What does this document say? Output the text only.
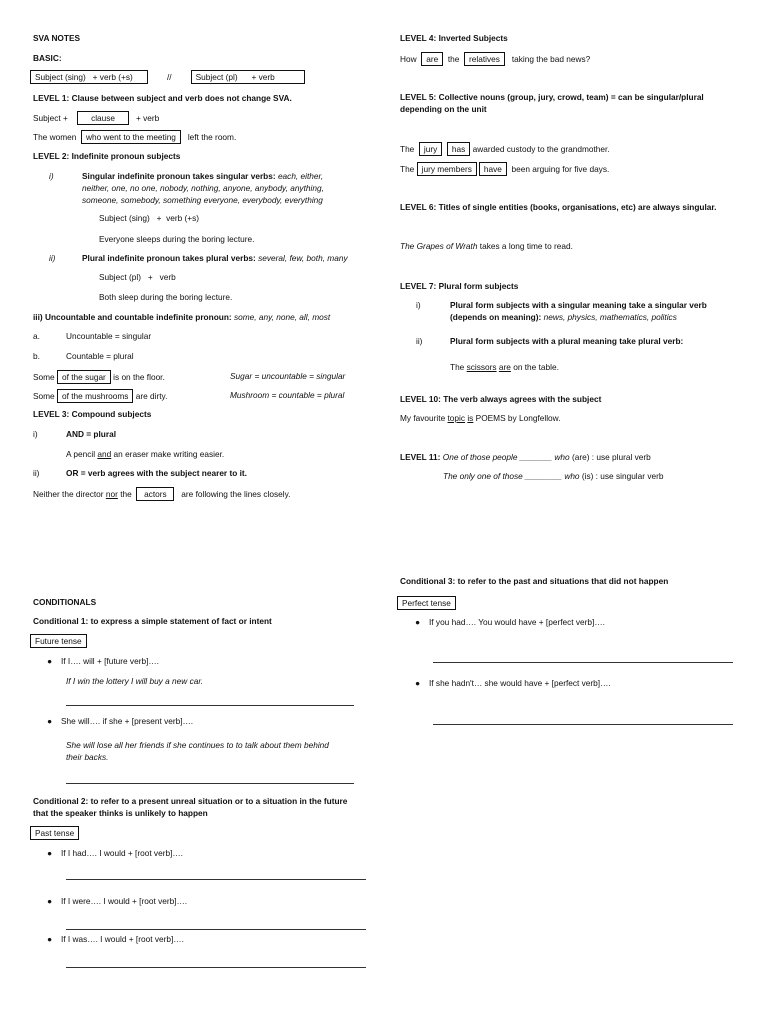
SVA NOTES
BASIC:
Subject (sing) + verb (+s)	//	Subject (pl) + verb
LEVEL 1: Clause between subject and verb does not change SVA.
Subject +	clause	+ verb
The women who went to the meeting left the room.
LEVEL 2: Indefinite pronoun subjects
i)	Singular indefinite pronoun takes singular verbs: each, either,
neither, one, no one, nobody, nothing, anyone, anybody, anything,
someone, somebody, something everyone, everybody, everything
Subject (sing)   +  verb (+s)
Everyone sleeps during the boring lecture.
ii)	Plural indefinite pronoun takes plural verbs: several, few, both, many
Subject (pl)   +   verb
Both sleep during the boring lecture.
iii) Uncountable and countable indefinite pronoun: some, any, none, all, most
a.	Uncountable = singular
b.	Countable = plural
Some of the sugar is on the floor.	Sugar = uncountable = singular
Some of the mushrooms are dirty.	Mushroom = countable = plural
LEVEL 3: Compound subjects
i)	AND = plural
A pencil and an eraser make writing easier.
ii)	OR = verb agrees with the subject nearer to it.
Neither the director nor the actors are following the lines closely.
CONDITIONALS
Conditional 1: to express a simple statement of fact or intent
Future tense
● If I…. will + [future verb]….
If I win the lottery I will buy a new car.
● She will…. if she + [present verb]….
She will lose all her friends if she continues to to talk about them behind
their backs.
Conditional 2: to refer to a present unreal situation or to a situation in the future
that the speaker thinks is unlikely to happen
Past tense
● If I had…. I would + [root verb]….
● If I were…. I would + [root verb]….
● If I was…. I would + [root verb]….
LEVEL 4: Inverted Subjects
How are the relatives taking the bad news?
LEVEL 5: Collective nouns (group, jury, crowd, team) = can be singular/plural
depending on the unit
The jury has awarded custody to the grandmother.
The jury members have been arguing for five days.
LEVEL 6: Titles of single entities (books, organisations, etc) are always singular.
The Grapes of Wrath takes a long time to read.
LEVEL 7: Plural form subjects
i)	Plural form subjects with a singular meaning take a singular verb
(depends on meaning): news, physics, mathematics, politics
ii)	Plural form subjects with a plural meaning take plural verb:
The scissors are on the table.
LEVEL 10: The verb always agrees with the subject
My favourite topic is POEMS by Longfellow.
LEVEL 11: One of those people _______ who (are) : use plural verb
The only one of those ________ who (is) : use singular verb
Conditional 3: to refer to the past and situations that did not happen
Perfect tense
● If you had…. You would have + [perfect verb]….
● If she hadn't… she would have + [perfect verb]….
